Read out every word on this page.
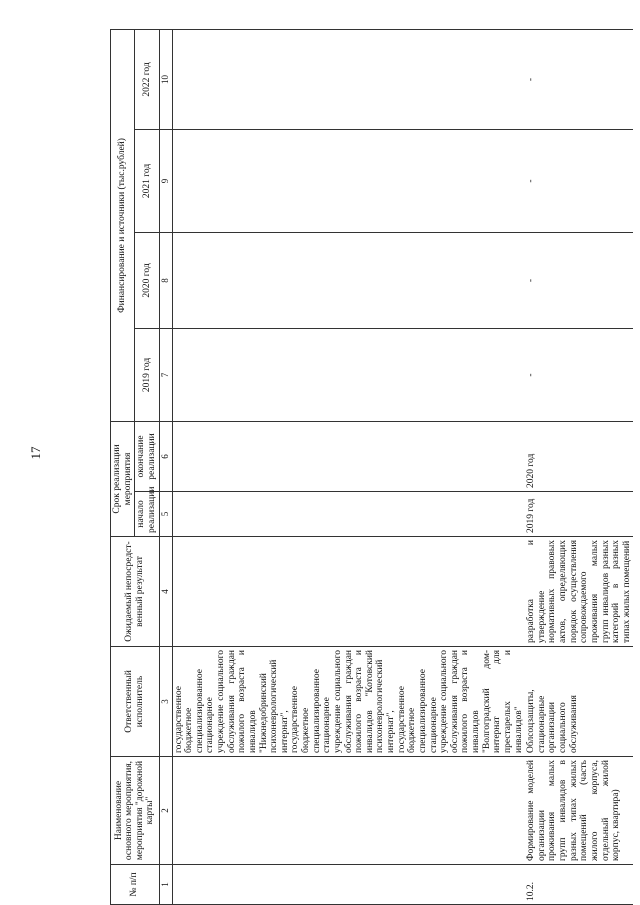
17
№ п/п	Наименование основного мероприятия, мероприятия "дорожной карты"	Ответственный исполнитель	Ожидаемый непосредст-венный результат	Срок реализации мероприятия		Финансирование и источники (тыс.рублей)			
				начало реализации	окончание реализации	2019 год	2020 год	2021 год	2022 год
1	2	3	4	5	6	7	8	9	10
		государственное бюджетное специализированное стационарное учреждение социального обслуживания граждан пожилого возраста и инвалидов "Нижнедобринский психоневрологический интернат", государственное бюджетное специализированное стационарное учреждение социального обслуживания граждан пожилого возраста и инвалидов "Котовский психоневрологический интернат", государственное бюджетное специализированное стационарное учреждение социального обслуживания граждан пожилого возраста и инвалидов "Волгоградский дом-интернат для престарелых и инвалидов"							
10.2.	Формирование моделей организации проживания малых групп инвалидов в разных типах жилых помещений (часть жилого корпуса, отдельный жилой корпус, квартира)	Облсоцзащиты, стационарные организации социального обслуживания	разработка и утверждение нормативных правовых актов, определяющих порядок осуществления сопровождаемого проживания малых групп инвалидов разных категорий в разных типах жилых помещений	2019 год	2020 год	-	-	-	-
